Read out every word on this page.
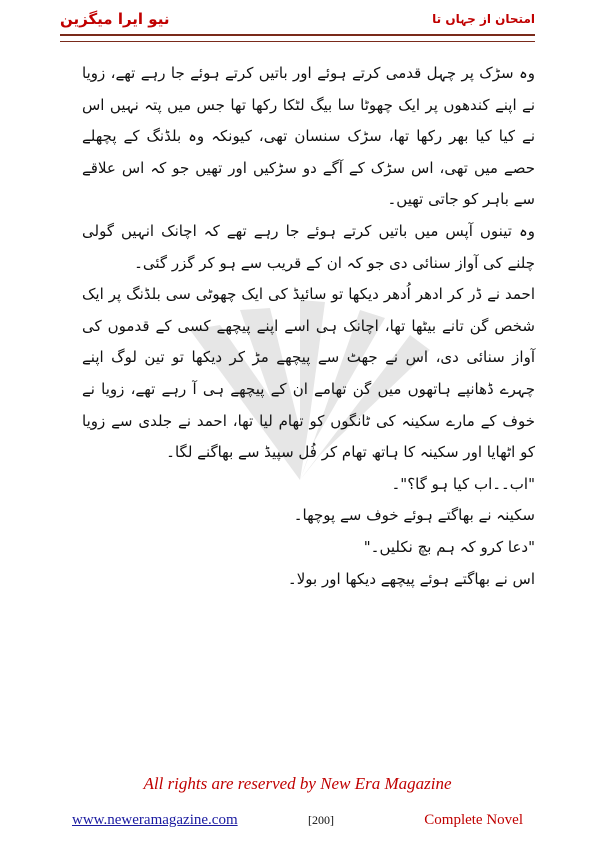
نیو ایرا میگزین	امتحان از جہاں تا

وہ سڑک پر چہل قدمی کرتے ہوئے اور باتیں کرتے ہوئے جا رہے تھے، زویا نے اپنے کندھوں پر ایک چھوٹا سا بیگ لٹکا رکھا تھا جس میں پتہ نہیں اس نے کیا کیا بھر رکھا تھا، سڑک سنسان تھی، کیونکہ وہ بلڈنگ کے پچھلے حصے میں تھی، اس سڑک کے آگے دو سڑکیں اور تھیں جو کہ اس علاقے سے باہر کو جاتی تھیں۔

وہ تینوں آپس میں باتیں کرتے ہوئے جا رہے تھے کہ اچانک انہیں گولی چلنے کی آواز سنائی دی جو کہ ان کے قریب سے ہو کر گزر گئی۔

احمد نے ڈر کر ادھر اُدھر دیکھا تو سائیڈ کی ایک چھوٹی سی بلڈنگ پر ایک شخص گن تانے بیٹھا تھا، اچانک ہی اسے اپنے پیچھے کسی کے قدموں کی آواز سنائی دی، اس نے جھٹ سے پیچھے مڑ کر دیکھا تو تین لوگ اپنے چہرے ڈھانپے ہاتھوں میں گن تھامے ان کے پیچھے ہی آ رہے تھے، زویا نے خوف کے مارے سکینہ کی ٹانگوں کو تھام لیا تھا، احمد نے جلدی سے زویا کو اٹھایا اور سکینہ کا ہاتھ تھام کر فُل سپیڈ سے بھاگنے لگا۔

"اب۔۔اب کیا ہو گا؟"۔

سکینہ نے بھاگتے ہوئے خوف سے پوچھا۔

"دعا کرو کہ ہم بچ نکلیں۔"

اس نے بھاگتے ہوئے پیچھے دیکھا اور بولا۔

All rights are reserved by New Era Magazine
www.neweramagazine.com	[200]	Complete Novel
